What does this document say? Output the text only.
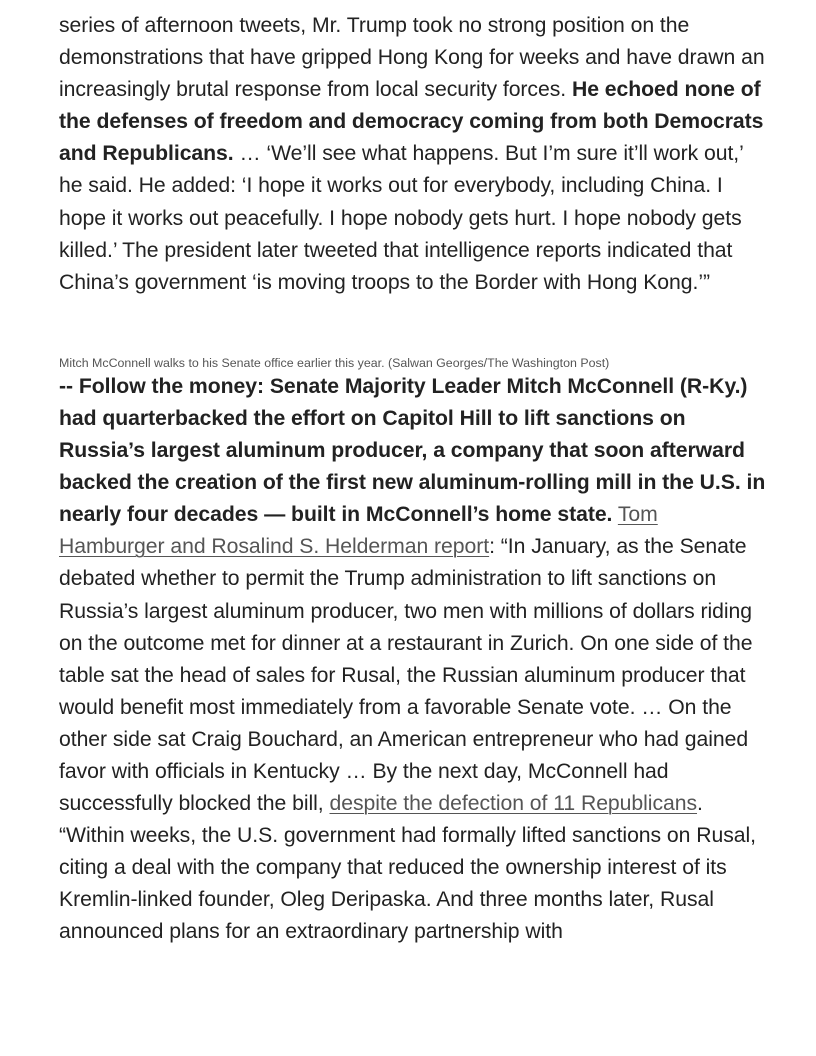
series of afternoon tweets, Mr. Trump took no strong position on the demonstrations that have gripped Hong Kong for weeks and have drawn an increasingly brutal response from local security forces. He echoed none of the defenses of freedom and democracy coming from both Democrats and Republicans. … ‘We’ll see what happens. But I’m sure it’ll work out,’ he said. He added: ‘I hope it works out for everybody, including China. I hope it works out peacefully. I hope nobody gets hurt. I hope nobody gets killed.’ The president later tweeted that intelligence reports indicated that China’s government ‘is moving troops to the Border with Hong Kong.’”

Mitch McConnell walks to his Senate office earlier this year. (Salwan Georges/The Washington Post)

-- Follow the money: Senate Majority Leader Mitch McConnell (R-Ky.) had quarterbacked the effort on Capitol Hill to lift sanctions on Russia’s largest aluminum producer, a company that soon afterward backed the creation of the first new aluminum-rolling mill in the U.S. in nearly four decades — built in McConnell’s home state. Tom Hamburger and Rosalind S. Helderman report: “In January, as the Senate debated whether to permit the Trump administration to lift sanctions on Russia’s largest aluminum producer, two men with millions of dollars riding on the outcome met for dinner at a restaurant in Zurich. On one side of the table sat the head of sales for Rusal, the Russian aluminum producer that would benefit most immediately from a favorable Senate vote. … On the other side sat Craig Bouchard, an American entrepreneur who had gained favor with officials in Kentucky … By the next day, McConnell had successfully blocked the bill, despite the defection of 11 Republicans.

“Within weeks, the U.S. government had formally lifted sanctions on Rusal, citing a deal with the company that reduced the ownership interest of its Kremlin-linked founder, Oleg Deripaska. And three months later, Rusal announced plans for an extraordinary partnership with
